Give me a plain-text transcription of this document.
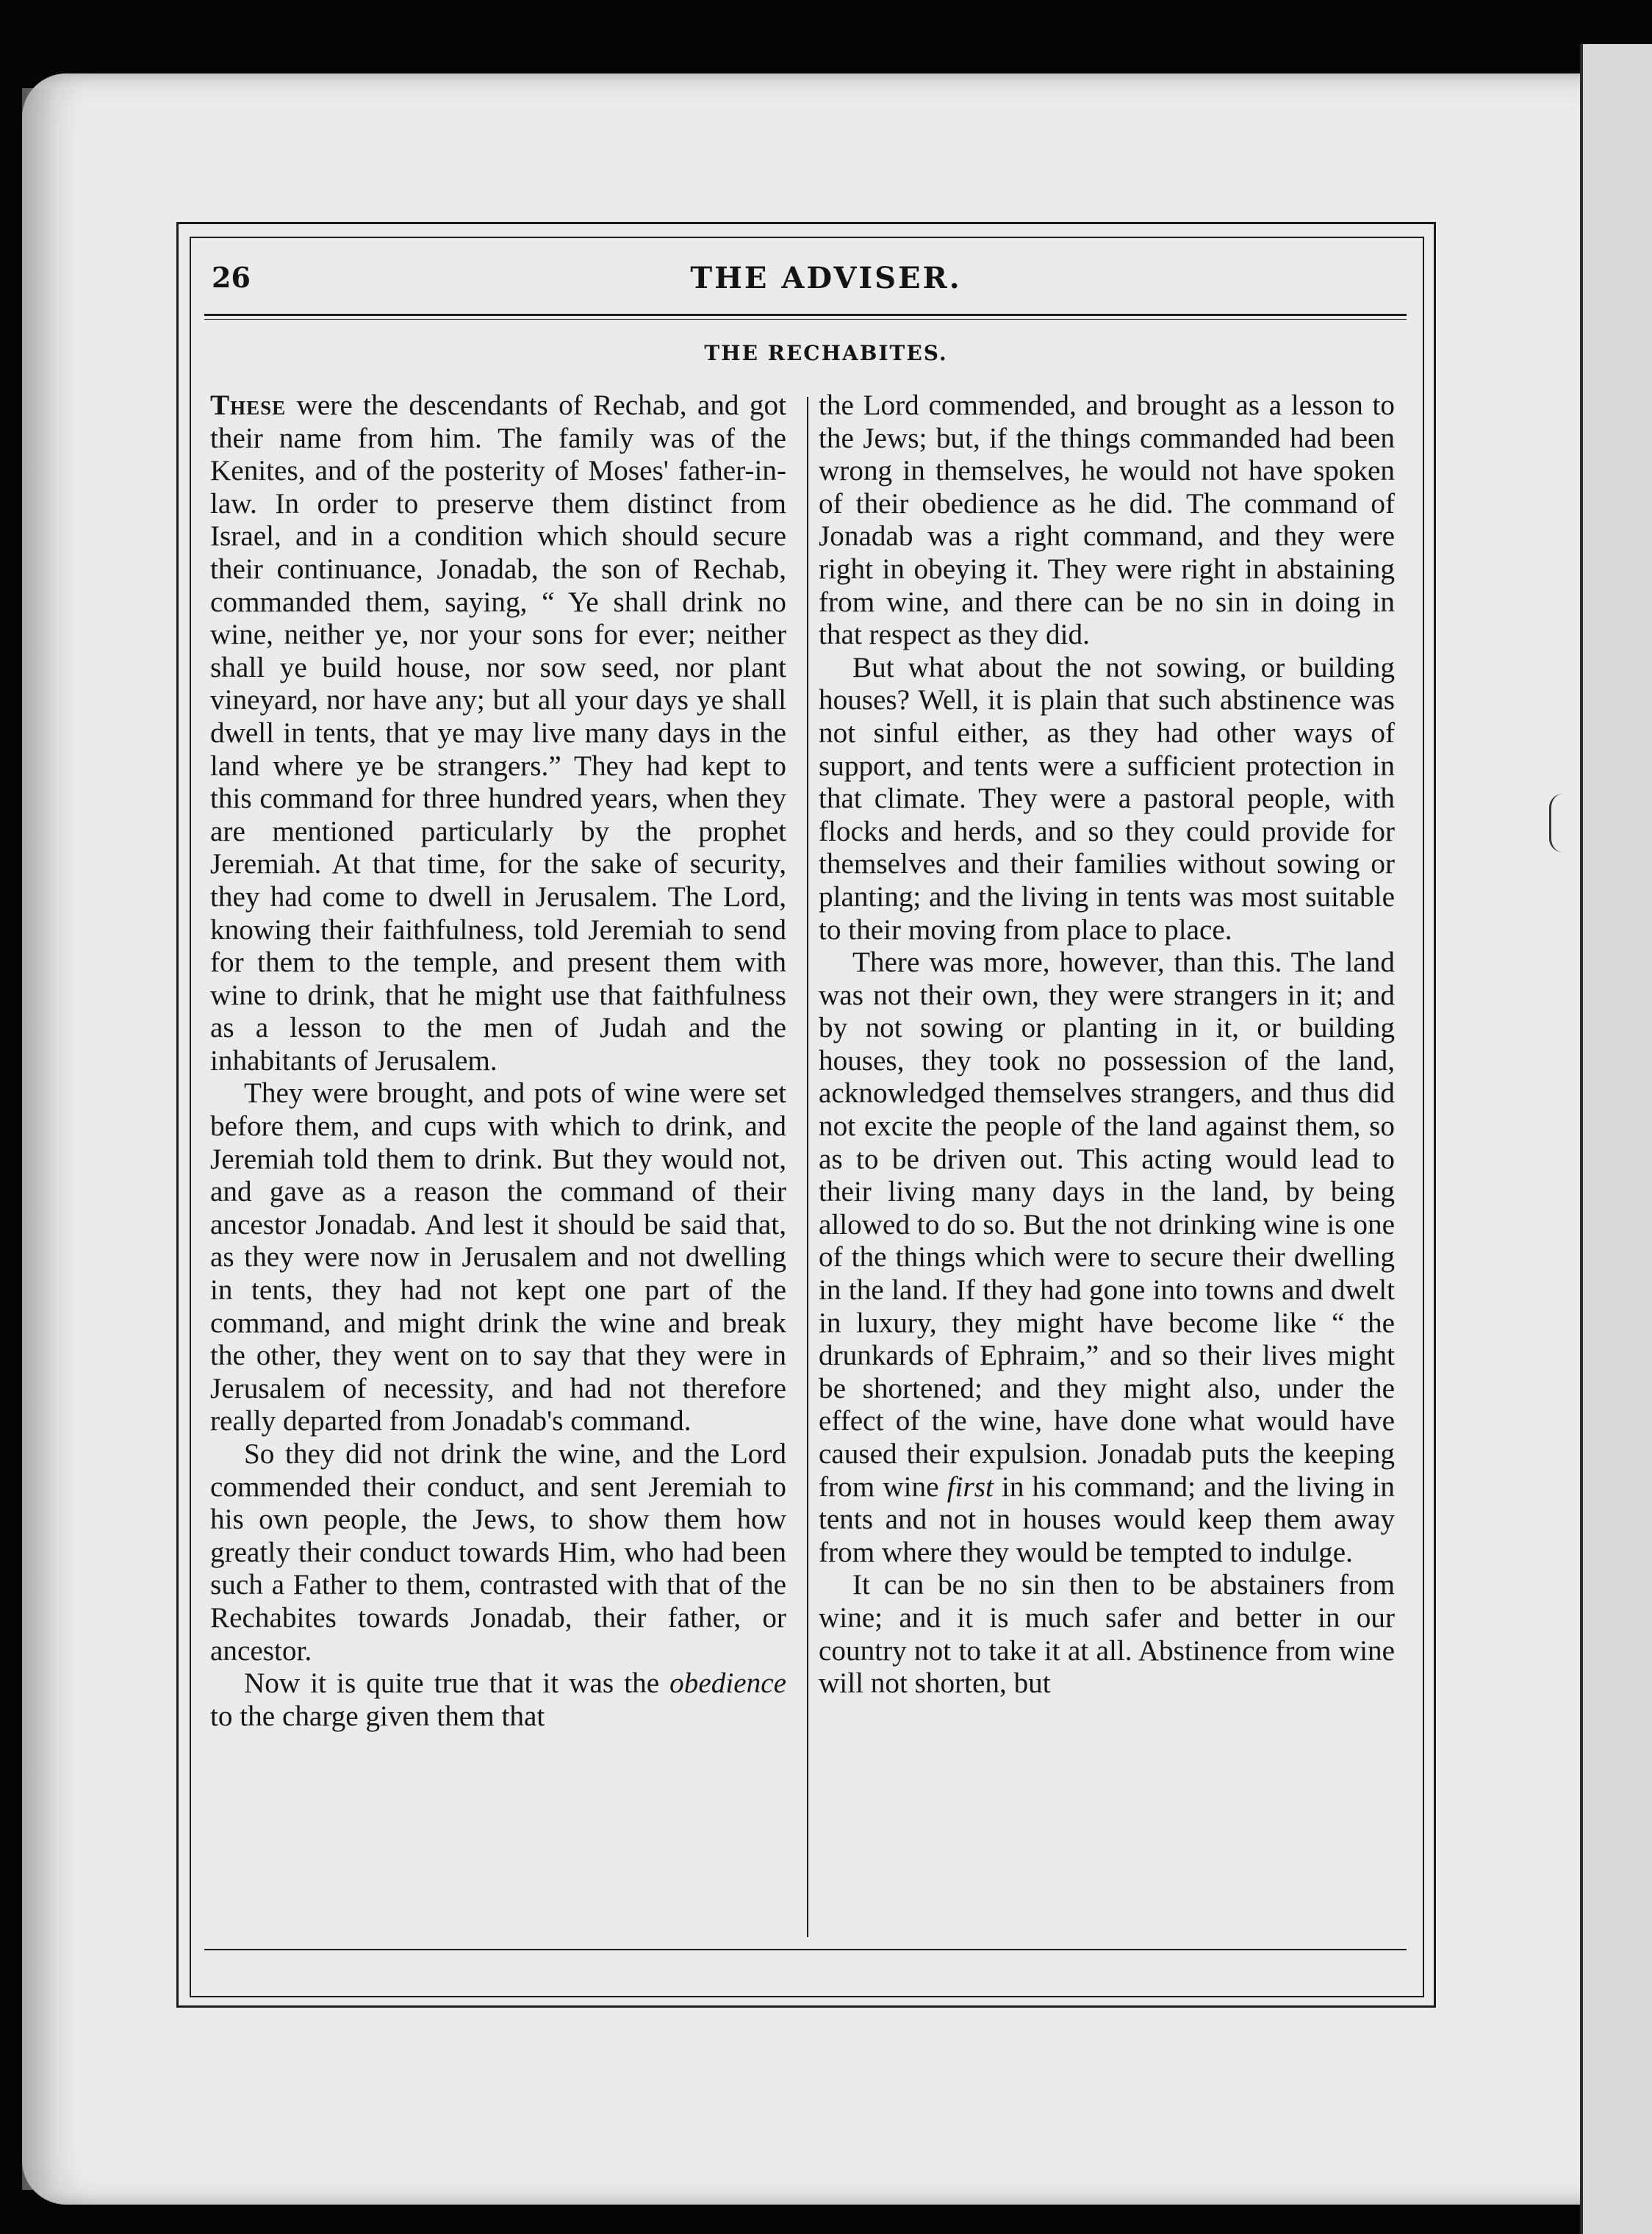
26	THE ADVISER.
THE RECHABITES.

These were the descendants of Rechab, and got their name from him. The family was of the Kenites, and of the posterity of Moses' father-in-law. In order to preserve them distinct from Israel, and in a condition which should secure their continuance, Jonadab, the son of Rechab, commanded them, saying, “ Ye shall drink no wine, neither ye, nor your sons for ever; neither shall ye build house, nor sow seed, nor plant vineyard, nor have any; but all your days ye shall dwell in tents, that ye may live many days in the land where ye be strangers.” They had kept to this command for three hundred years, when they are mentioned particularly by the prophet Jeremiah. At that time, for the sake of security, they had come to dwell in Jerusalem. The Lord, knowing their faithfulness, told Jeremiah to send for them to the temple, and present them with wine to drink, that he might use that faithfulness as a lesson to the men of Judah and the inhabitants of Jerusalem.

They were brought, and pots of wine were set before them, and cups with which to drink, and Jeremiah told them to drink. But they would not, and gave as a reason the command of their ancestor Jonadab. And lest it should be said that, as they were now in Jerusalem and not dwelling in tents, they had not kept one part of the command, and might drink the wine and break the other, they went on to say that they were in Jerusalem of necessity, and had not therefore really departed from Jonadab's command.

So they did not drink the wine, and the Lord commended their conduct, and sent Jeremiah to his own people, the Jews, to show them how greatly their conduct towards Him, who had been such a Father to them, contrasted with that of the Rechabites towards Jonadab, their father, or ancestor.

Now it is quite true that it was the obedience to the charge given them that

the Lord commended, and brought as a lesson to the Jews; but, if the things commanded had been wrong in themselves, he would not have spoken of their obedience as he did. The command of Jonadab was a right command, and they were right in obeying it. They were right in abstaining from wine, and there can be no sin in doing in that respect as they did.

But what about the not sowing, or building houses? Well, it is plain that such abstinence was not sinful either, as they had other ways of support, and tents were a sufficient protection in that climate. They were a pastoral people, with flocks and herds, and so they could provide for themselves and their families without sowing or planting; and the living in tents was most suitable to their moving from place to place.

There was more, however, than this. The land was not their own, they were strangers in it; and by not sowing or planting in it, or building houses, they took no possession of the land, acknowledged themselves strangers, and thus did not excite the people of the land against them, so as to be driven out. This acting would lead to their living many days in the land, by being allowed to do so. But the not drinking wine is one of the things which were to secure their dwelling in the land. If they had gone into towns and dwelt in luxury, they might have become like “ the drunkards of Ephraim,” and so their lives might be shortened; and they might also, under the effect of the wine, have done what would have caused their expulsion. Jonadab puts the keeping from wine first in his command; and the living in tents and not in houses would keep them away from where they would be tempted to indulge.

It can be no sin then to be abstainers from wine; and it is much safer and better in our country not to take it at all. Abstinence from wine will not shorten, but
